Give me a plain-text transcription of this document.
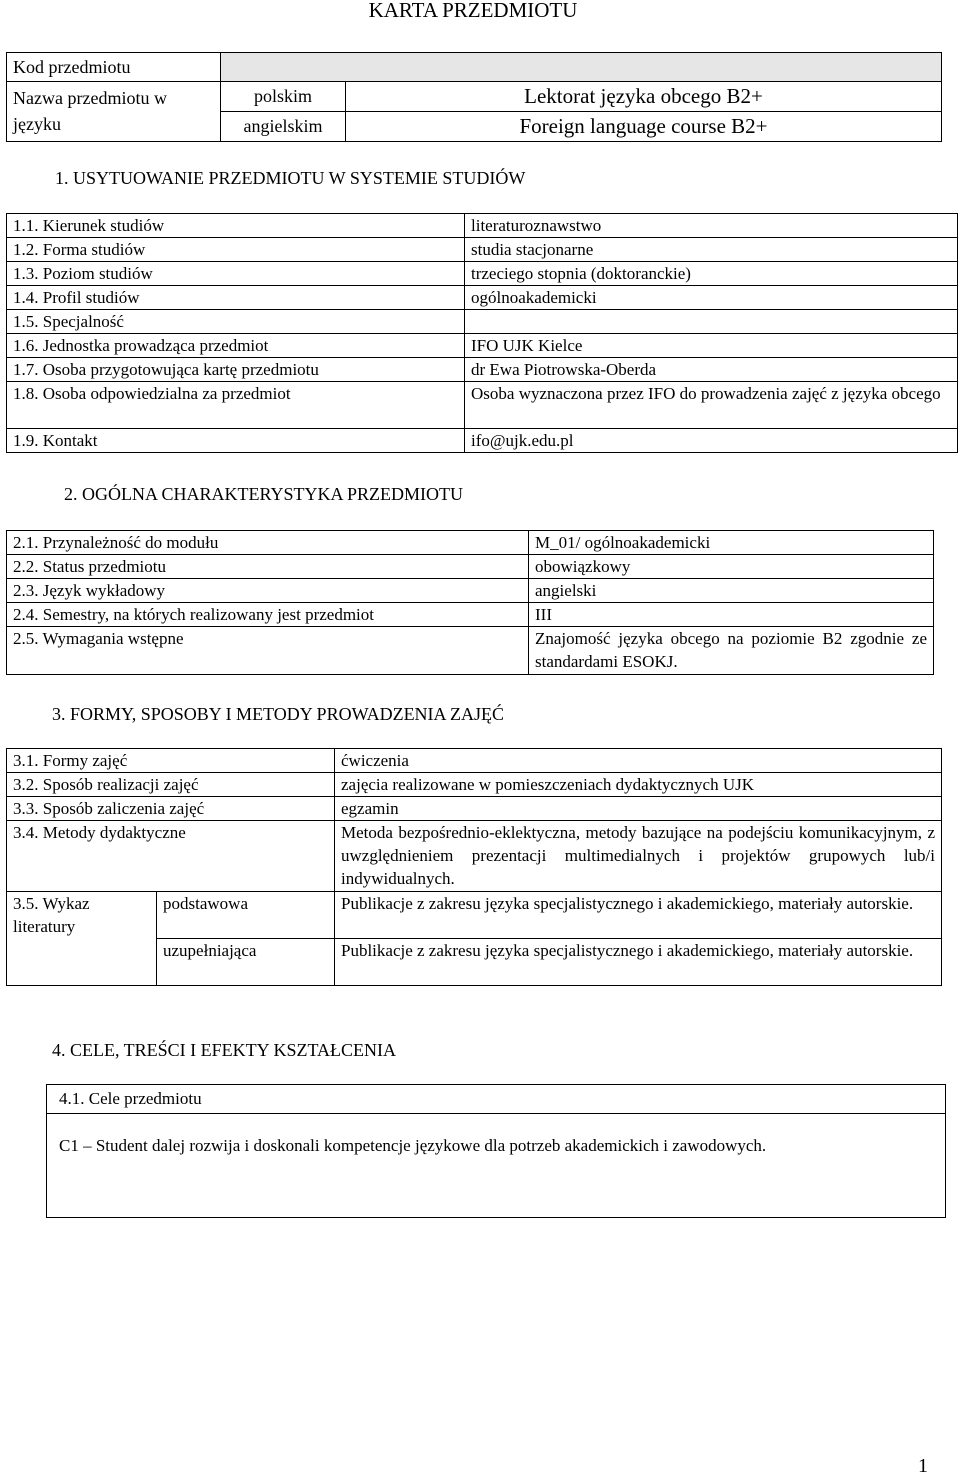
KARTA PRZEDMIOTU
Kod przedmiotu		
Nazwa przedmiotu w języku	polskim	Lektorat języka obcego B2+
	angielskim	Foreign language course B2+
1. USYTUOWANIE PRZEDMIOTU W SYSTEMIE STUDIÓW
1.1. Kierunek studiów	literaturoznawstwo
1.2. Forma studiów	studia stacjonarne
1.3. Poziom studiów	trzeciego stopnia (doktoranckie)
1.4. Profil studiów	ogólnoakademicki
1.5. Specjalność	
1.6. Jednostka prowadząca przedmiot	IFO UJK Kielce
1.7. Osoba przygotowująca kartę przedmiotu	dr Ewa Piotrowska-Oberda
1.8. Osoba odpowiedzialna za przedmiot	Osoba wyznaczona przez IFO do prowadzenia zajęć z języka obcego
1.9. Kontakt	ifo@ujk.edu.pl
2. OGÓLNA CHARAKTERYSTYKA PRZEDMIOTU
2.1. Przynależność do modułu	M_01/ ogólnoakademicki
2.2. Status przedmiotu	obowiązkowy
2.3. Język wykładowy	angielski
2.4. Semestry, na których realizowany jest przedmiot	III
2.5. Wymagania wstępne	Znajomość języka obcego na poziomie B2 zgodnie ze standardami ESOKJ.
3. FORMY, SPOSOBY I METODY PROWADZENIA ZAJĘĆ
3.1. Formy zajęć		ćwiczenia
3.2. Sposób realizacji zajęć		zajęcia realizowane w pomieszczeniach dydaktycznych UJK
3.3. Sposób zaliczenia zajęć		egzamin
3.4. Metody dydaktyczne		Metoda bezpośrednio-eklektyczna, metody bazujące na podejściu komunikacyjnym, z uwzględnieniem prezentacji multimedialnych i projektów grupowych lub/i indywidualnych.
3.5. Wykaz literatury	podstawowa	Publikacje z zakresu języka specjalistycznego i akademickiego, materiały autorskie.
	uzupełniająca	Publikacje z zakresu języka specjalistycznego i akademickiego, materiały autorskie.
4. CELE, TREŚCI I EFEKTY KSZTAŁCENIA
4.1. Cele przedmiotu
C1 – Student dalej rozwija i doskonali kompetencje językowe dla potrzeb akademickich i zawodowych.
1
